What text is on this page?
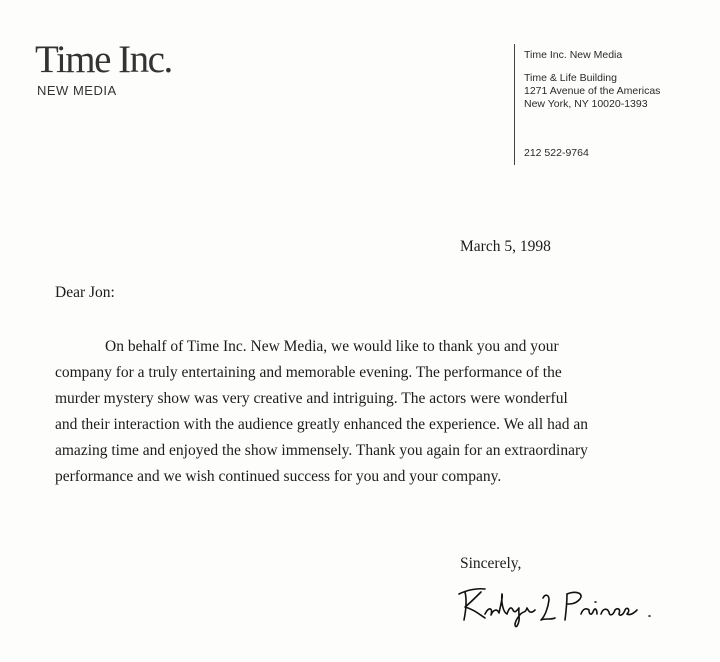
Time Inc.
NEW MEDIA
Time Inc. New Media
Time & Life Building
1271 Avenue of the Americas
New York, NY 10020-1393
212 522-9764
March 5, 1998
Dear Jon:
On behalf of Time Inc. New Media, we would like to thank you and your
company for a truly entertaining and memorable evening. The performance of the
murder mystery show was very creative and intriguing. The actors were wonderful
and their interaction with the audience greatly enhanced the experience. We all had an
amazing time and enjoyed the show immensely. Thank you again for an extraordinary
performance and we wish continued success for you and your company.
Sincerely,
